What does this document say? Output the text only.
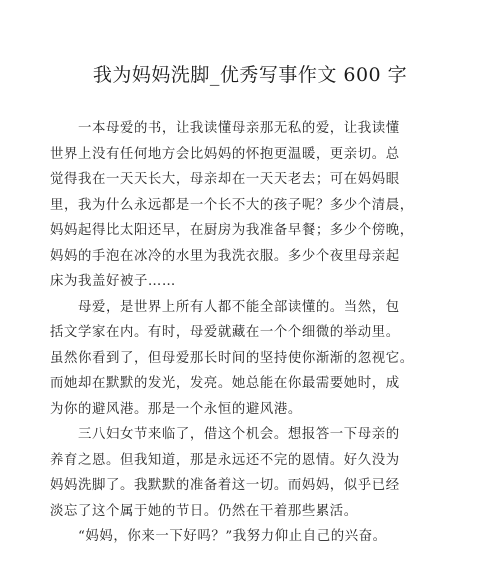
我为妈妈洗脚_优秀写事作文 600 字
　　一本母爱的书，让我读懂母亲那无私的爱，让我读懂
世界上没有任何地方会比妈妈的怀抱更温暖，更亲切。总
觉得我在一天天长大，母亲却在一天天老去；可在妈妈眼
里，我为什么永远都是一个长不大的孩子呢？多少个清晨，
妈妈起得比太阳还早，在厨房为我准备早餐；多少个傍晚，
妈妈的手泡在冰冷的水里为我洗衣服。多少个夜里母亲起
床为我盖好被子……
　　母爱，是世界上所有人都不能全部读懂的。当然，包
括文学家在内。有时，母爱就藏在一个个细微的举动里。
虽然你看到了，但母爱那长时间的坚持使你渐渐的忽视它。
而她却在默默的发光，发亮。她总能在你最需要她时，成
为你的避风港。那是一个永恒的避风港。
　　三八妇女节来临了，借这个机会。想报答一下母亲的
养育之恩。但我知道，那是永远还不完的恩情。好久没为
妈妈洗脚了。我默默的准备着这一切。而妈妈，似乎已经
淡忘了这个属于她的节日。仍然在干着那些累活。
　　“妈妈，你来一下好吗？”我努力仰止自己的兴奋。
